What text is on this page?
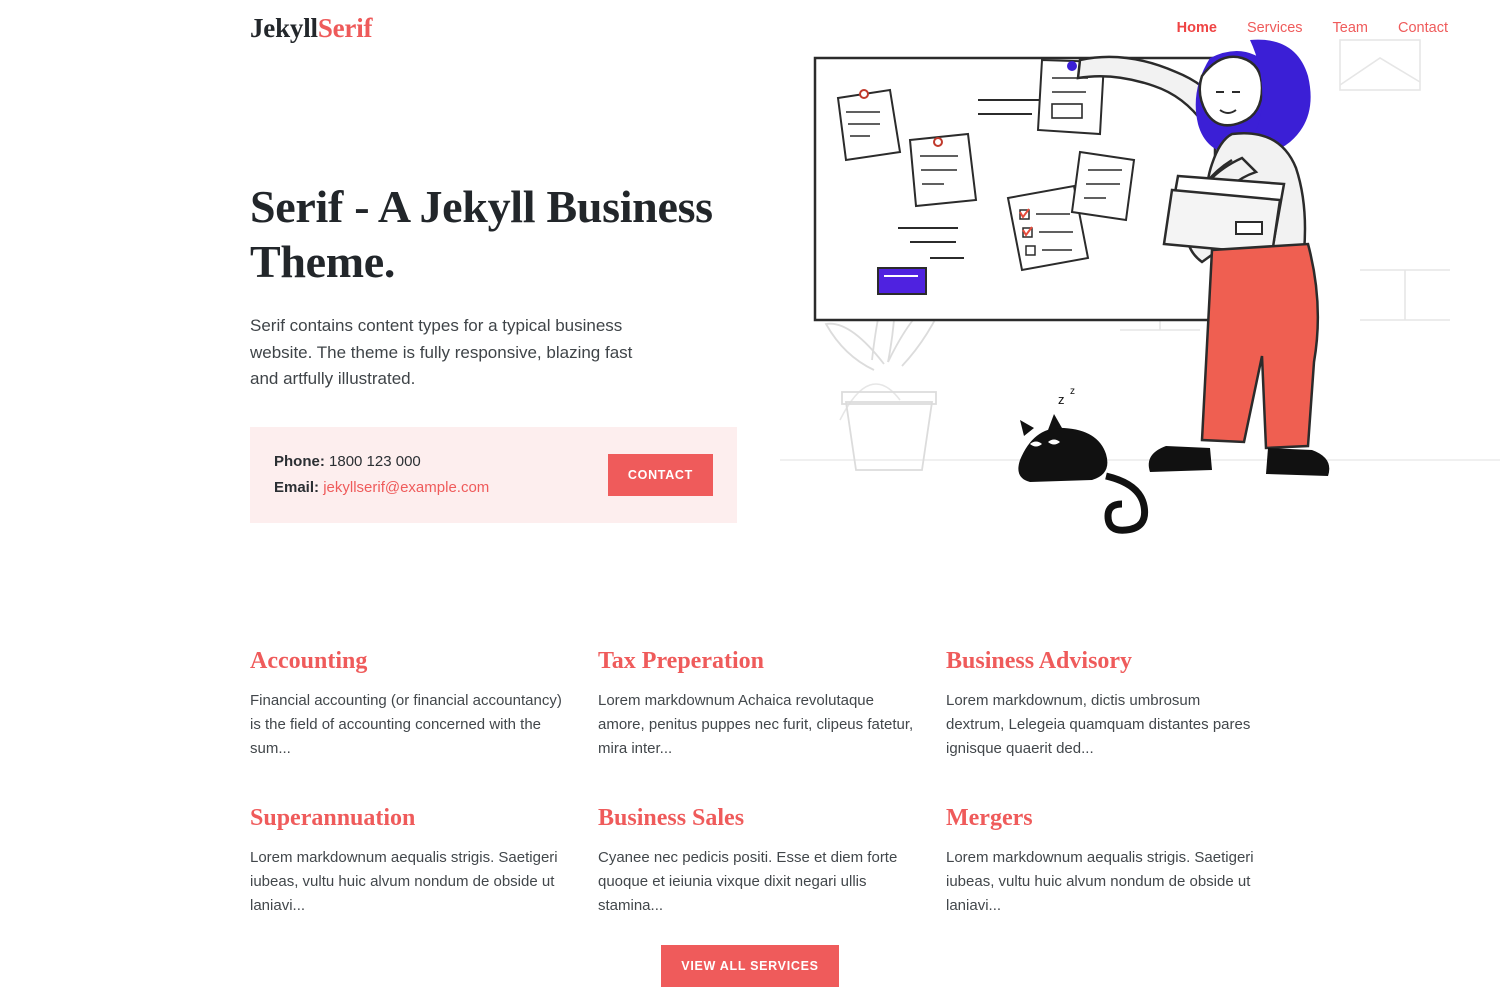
JekyllSerif	Home Services Team Contact
z
z
Serif - A Jekyll Business Theme.

Serif contains content types for a typical business website. The theme is fully responsive, blazing fast and artfully illustrated.

Phone: 1800 123 000
Email: jekyllserif@example.com
CONTACT
Accounting

Financial accounting (or financial accountancy) is the field of accounting concerned with the sum...

Tax Preperation

Lorem markdownum Achaica revolutaque amore, penitus puppes nec furit, clipeus fatetur, mira inter...

Business Advisory

Lorem markdownum, dictis umbrosum dextrum, Lelegeia quamquam distantes pares ignisque quaerit ded...

Superannuation

Lorem markdownum aequalis strigis. Saetigeri iubeas, vultu huic alvum nondum de obside ut laniavi...

Business Sales

Cyanee nec pedicis positi. Esse et diem forte quoque et ieiunia vixque dixit negari ullis stamina...

Mergers

Lorem markdownum aequalis strigis. Saetigeri iubeas, vultu huic alvum nondum de obside ut laniavi...

VIEW ALL SERVICES
